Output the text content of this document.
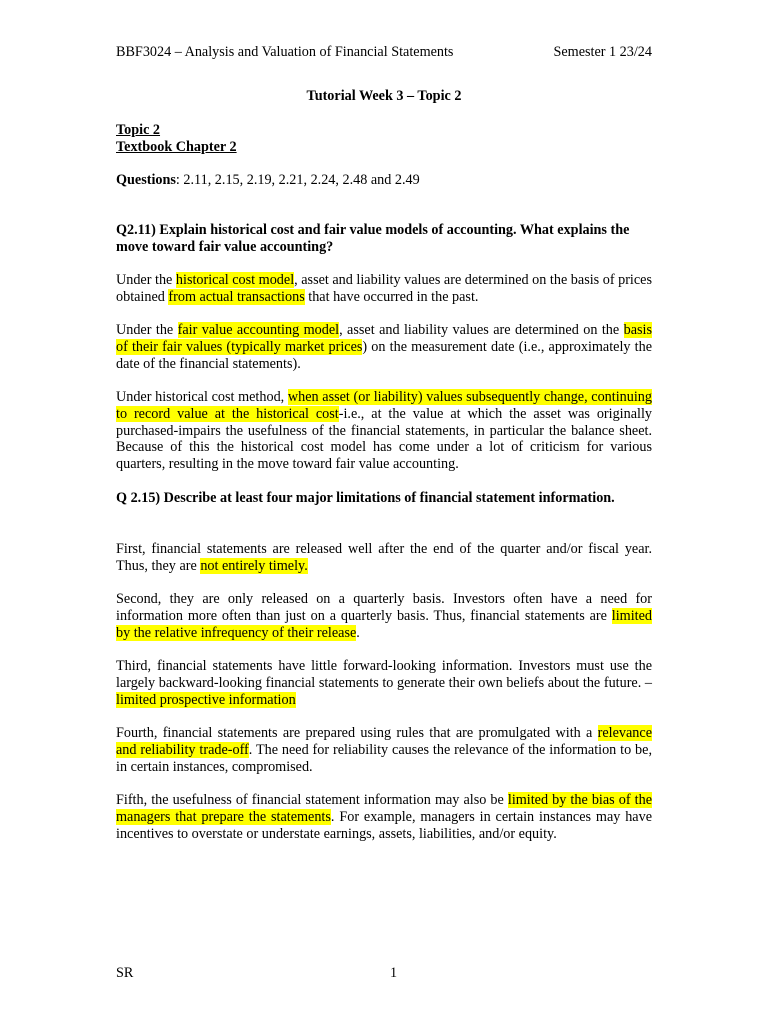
BBF3024 – Analysis and Valuation of Financial Statements	Semester 1 23/24
Tutorial Week 3 – Topic 2
Topic 2
Textbook Chapter 2
Questions: 2.11, 2.15, 2.19, 2.21, 2.24, 2.48 and 2.49
Q2.11) Explain historical cost and fair value models of accounting. What explains the move toward fair value accounting?

Under the historical cost model, asset and liability values are determined on the basis of prices obtained from actual transactions that have occurred in the past.

Under the fair value accounting model, asset and liability values are determined on the basis of their fair values (typically market prices) on the measurement date (i.e., approximately the date of the financial statements).

Under historical cost method, when asset (or liability) values subsequently change, continuing to record value at the historical cost-i.e., at the value at which the asset was originally purchased-impairs the usefulness of the financial statements, in particular the balance sheet. Because of this the historical cost model has come under a lot of criticism for various quarters, resulting in the move toward fair value accounting.

Q 2.15) Describe at least four major limitations of financial statement information.

First, financial statements are released well after the end of the quarter and/or fiscal year. Thus, they are not entirely timely.

Second, they are only released on a quarterly basis. Investors often have a need for information more often than just on a quarterly basis. Thus, financial statements are limited by the relative infrequency of their release.

Third, financial statements have little forward-looking information. Investors must use the largely backward-looking financial statements to generate their own beliefs about the future. – limited prospective information

Fourth, financial statements are prepared using rules that are promulgated with a relevance and reliability trade-off. The need for reliability causes the relevance of the information to be, in certain instances, compromised.

Fifth, the usefulness of financial statement information may also be limited by the bias of the managers that prepare the statements. For example, managers in certain instances may have incentives to overstate or understate earnings, assets, liabilities, and/or equity.

SR	1
